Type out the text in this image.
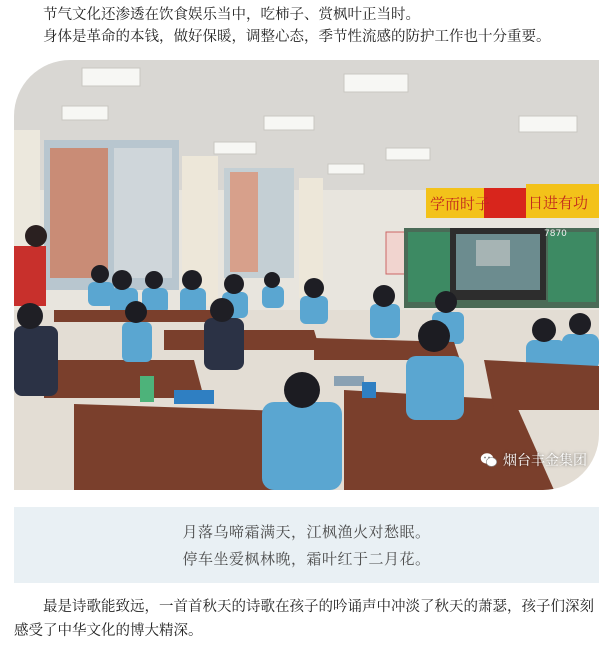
节气文化还渗透在饮食娱乐当中，吃柿子、赏枫叶正当时。

身体是革命的本钱，做好保暖，调整心态，季节性流感的防护工作也十分重要。

学而时子	日进有功
7870
烟台丰金集团
月落乌啼霜满天，江枫渔火对愁眠。
停车坐爱枫林晚，霜叶红于二月花。

最是诗歌能致远，一首首秋天的诗歌在孩子的吟诵声中冲淡了秋天的萧瑟，孩子们深刻感受了中华文化的博大精深。
